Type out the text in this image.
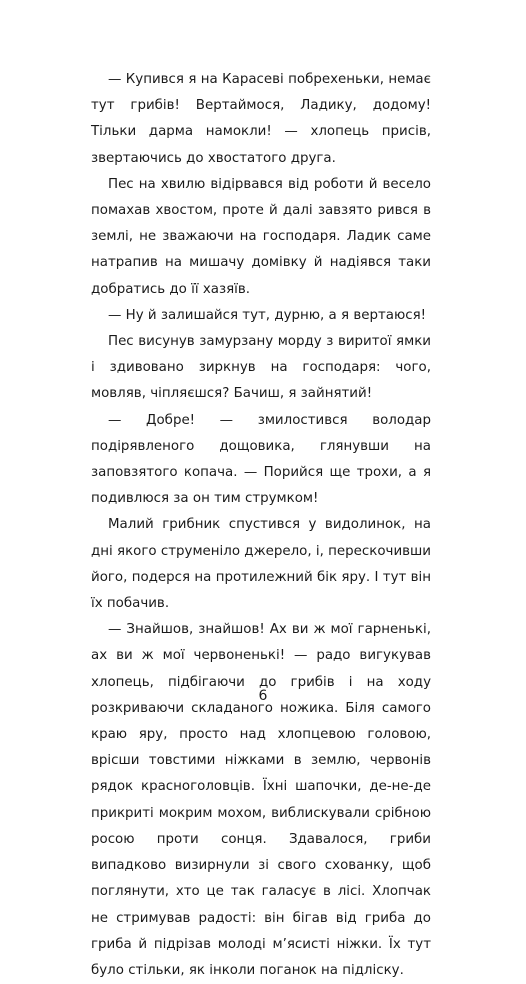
— Купився я на Карасеві побрехеньки, немає тут грибів! Вертаймося, Ладику, додому! Тільки дарма намокли! — хлопець присів, звертаючись до хвостатого друга.

Пес на хвилю відірвався від роботи й весело помахав хвостом, проте й далі завзято рився в землі, не зважаючи на господаря. Ладик саме натрапив на мишачу домівку й надіявся таки добратись до її хазяїв.

— Ну й залишайся тут, дурню, а я вертаюся!

Пес висунув замурзану морду з виритої ямки і здивовано зиркнув на господаря: чого, мовляв, чіпляєшся? Бачиш, я зайнятий!

— Добре! — змилостився володар подірявленого дощовика, глянувши на заповзятого копача. — Порийся ще трохи, а я подивлюся за он тим струмком!

Малий грибник спустився у видолинок, на дні якого струменіло джерело, і, перескочивши його, подерся на протилежний бік яру. І тут він їх побачив.

— Знайшов, знайшов! Ах ви ж мої гарненькі, ах ви ж мої червоненькі! — радо вигукував хлопець, підбігаючи до грибів і на ходу розкриваючи складаного ножика. Біля самого краю яру, просто над хлопцевою головою, врісши товстими ніжками в землю, червонів рядок красноголовців. Їхні шапочки, де-не-де прикриті мокрим мохом, виблискували срібною росою проти сонця. Здавалося, гриби випадково визирнули зі свого схованку, щоб поглянути, хто це так галасує в лісі. Хлопчак не стримував радості: він бігав від гриба до гриба й підрізав молоді м’ясисті ніжки. Їх тут було стільки, як інколи поганок на підліску.

6
